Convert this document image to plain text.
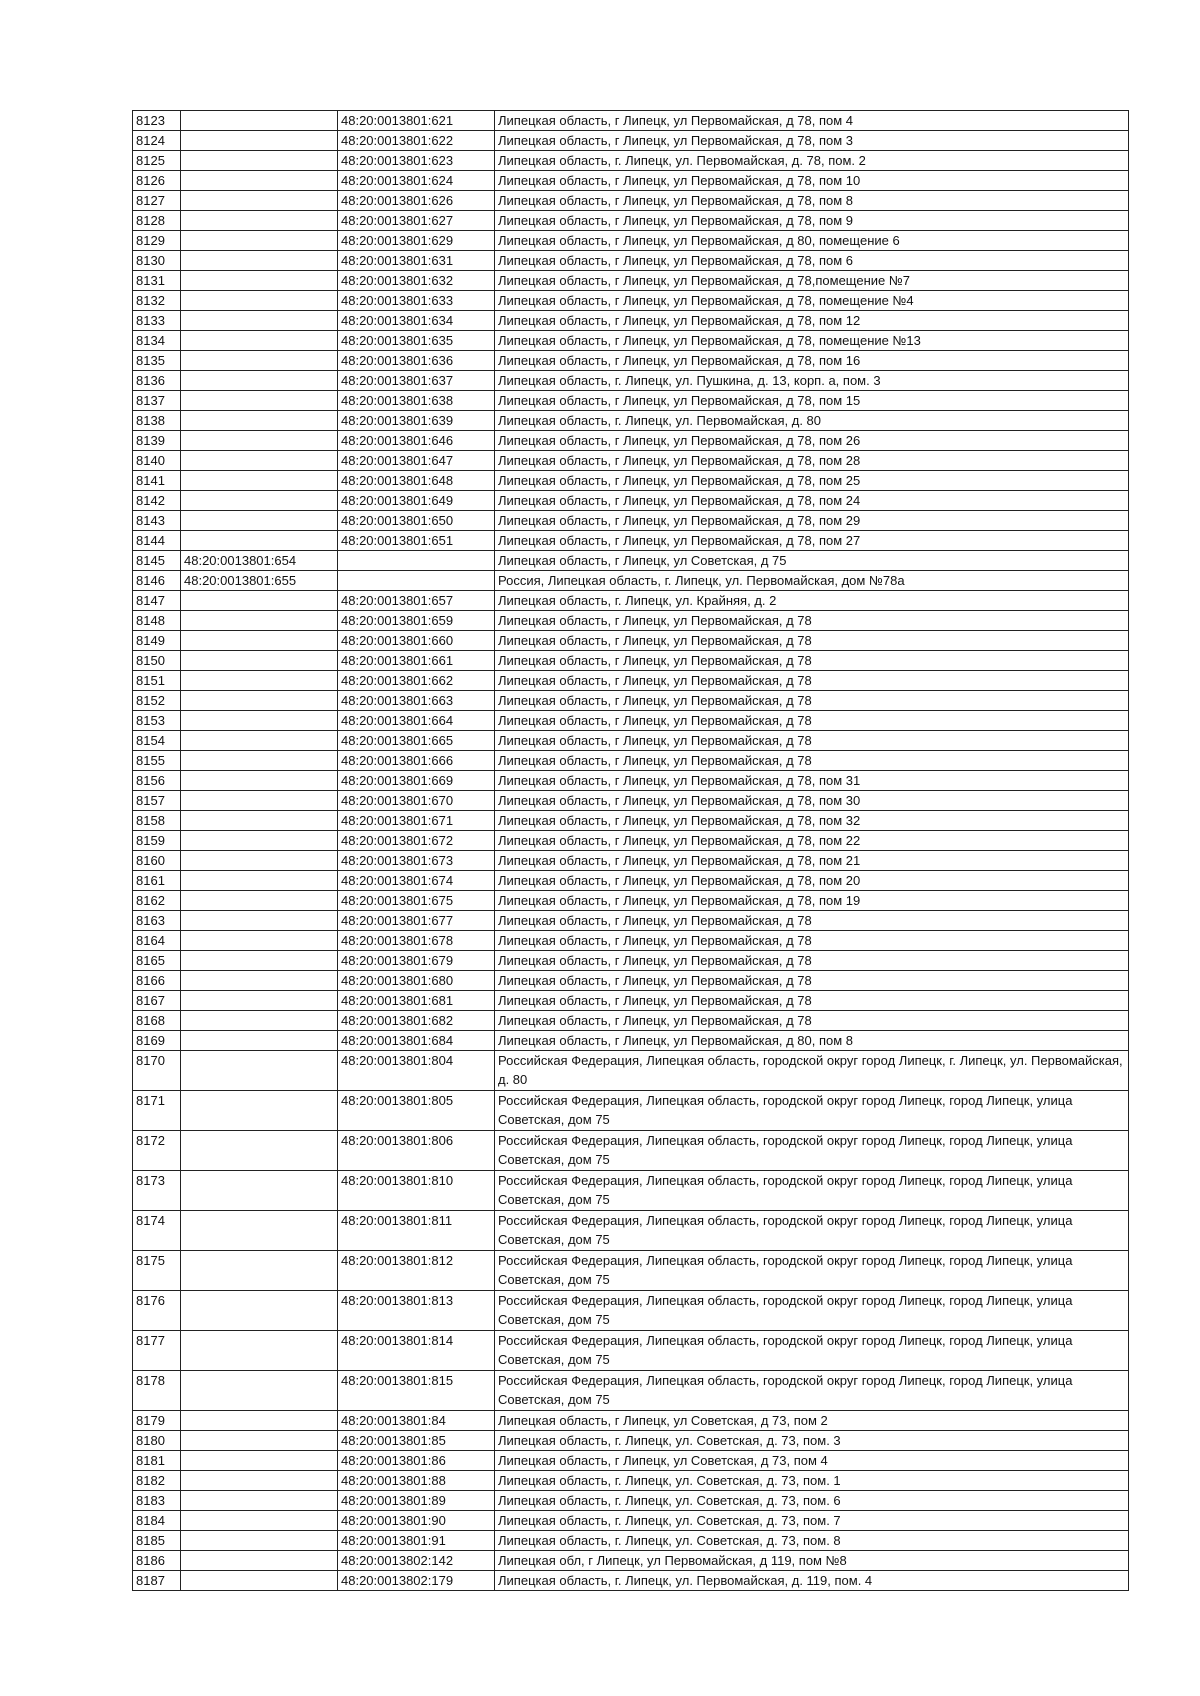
8123		48:20:0013801:621	Липецкая область, г Липецк, ул Первомайская, д 78, пом 4
8124		48:20:0013801:622	Липецкая область, г Липецк, ул Первомайская, д 78, пом 3
8125		48:20:0013801:623	Липецкая область, г. Липецк, ул. Первомайская, д. 78, пом. 2
8126		48:20:0013801:624	Липецкая область, г Липецк, ул Первомайская, д 78, пом 10
8127		48:20:0013801:626	Липецкая область, г Липецк, ул Первомайская, д 78, пом 8
8128		48:20:0013801:627	Липецкая область, г Липецк, ул Первомайская, д 78, пом 9
8129		48:20:0013801:629	Липецкая область, г Липецк, ул Первомайская, д 80, помещение 6
8130		48:20:0013801:631	Липецкая область, г Липецк, ул Первомайская, д 78, пом 6
8131		48:20:0013801:632	Липецкая область, г Липецк, ул Первомайская, д 78,помещение №7
8132		48:20:0013801:633	Липецкая область, г Липецк, ул Первомайская, д 78, помещение №4
8133		48:20:0013801:634	Липецкая область, г Липецк, ул Первомайская, д 78, пом 12
8134		48:20:0013801:635	Липецкая область, г Липецк, ул Первомайская, д 78, помещение №13
8135		48:20:0013801:636	Липецкая область, г Липецк, ул Первомайская, д 78, пом 16
8136		48:20:0013801:637	Липецкая область, г. Липецк, ул. Пушкина, д. 13, корп. а, пом. 3
8137		48:20:0013801:638	Липецкая область, г Липецк, ул Первомайская, д 78, пом 15
8138		48:20:0013801:639	Липецкая область, г. Липецк, ул. Первомайская, д. 80
8139		48:20:0013801:646	Липецкая область, г Липецк, ул Первомайская, д 78, пом 26
8140		48:20:0013801:647	Липецкая область, г Липецк, ул Первомайская, д 78, пом 28
8141		48:20:0013801:648	Липецкая область, г Липецк, ул Первомайская, д 78, пом 25
8142		48:20:0013801:649	Липецкая область, г Липецк, ул Первомайская, д 78, пом 24
8143		48:20:0013801:650	Липецкая область, г Липецк, ул Первомайская, д 78, пом 29
8144		48:20:0013801:651	Липецкая область, г Липецк, ул Первомайская, д 78, пом 27
8145	48:20:0013801:654		Липецкая область, г Липецк, ул Советская, д 75
8146	48:20:0013801:655		Россия, Липецкая область, г. Липецк, ул. Первомайская, дом №78а
8147		48:20:0013801:657	Липецкая область, г. Липецк, ул. Крайняя, д. 2
8148		48:20:0013801:659	Липецкая область, г Липецк, ул Первомайская, д 78
8149		48:20:0013801:660	Липецкая область, г Липецк, ул Первомайская, д 78
8150		48:20:0013801:661	Липецкая область, г Липецк, ул Первомайская, д 78
8151		48:20:0013801:662	Липецкая область, г Липецк, ул Первомайская, д 78
8152		48:20:0013801:663	Липецкая область, г Липецк, ул Первомайская, д 78
8153		48:20:0013801:664	Липецкая область, г Липецк, ул Первомайская, д 78
8154		48:20:0013801:665	Липецкая область, г Липецк, ул Первомайская, д 78
8155		48:20:0013801:666	Липецкая область, г Липецк, ул Первомайская, д 78
8156		48:20:0013801:669	Липецкая область, г Липецк, ул Первомайская, д 78, пом 31
8157		48:20:0013801:670	Липецкая область, г Липецк, ул Первомайская, д 78, пом 30
8158		48:20:0013801:671	Липецкая область, г Липецк, ул Первомайская, д 78, пом 32
8159		48:20:0013801:672	Липецкая область, г Липецк, ул Первомайская, д 78, пом 22
8160		48:20:0013801:673	Липецкая область, г Липецк, ул Первомайская, д 78, пом 21
8161		48:20:0013801:674	Липецкая область, г Липецк, ул Первомайская, д 78, пом 20
8162		48:20:0013801:675	Липецкая область, г Липецк, ул Первомайская, д 78, пом 19
8163		48:20:0013801:677	Липецкая область, г Липецк, ул Первомайская, д 78
8164		48:20:0013801:678	Липецкая область, г Липецк, ул Первомайская, д 78
8165		48:20:0013801:679	Липецкая область, г Липецк, ул Первомайская, д 78
8166		48:20:0013801:680	Липецкая область, г Липецк, ул Первомайская, д 78
8167		48:20:0013801:681	Липецкая область, г Липецк, ул Первомайская, д 78
8168		48:20:0013801:682	Липецкая область, г Липецк, ул Первомайская, д 78
8169		48:20:0013801:684	Липецкая область, г Липецк, ул Первомайская, д 80, пом 8
8170		48:20:0013801:804	Российская Федерация, Липецкая область, городской округ город Липецк, г. Липецк, ул. Первомайская, д. 80
8171		48:20:0013801:805	Российская Федерация, Липецкая область, городской округ город Липецк, город Липецк, улица Советская, дом 75
8172		48:20:0013801:806	Российская Федерация, Липецкая область, городской округ город Липецк, город Липецк, улица Советская, дом 75
8173		48:20:0013801:810	Российская Федерация, Липецкая область, городской округ город Липецк, город Липецк, улица Советская, дом 75
8174		48:20:0013801:811	Российская Федерация, Липецкая область, городской округ город Липецк, город Липецк, улица Советская, дом 75
8175		48:20:0013801:812	Российская Федерация, Липецкая область, городской округ город Липецк, город Липецк, улица Советская, дом 75
8176		48:20:0013801:813	Российская Федерация, Липецкая область, городской округ город Липецк, город Липецк, улица Советская, дом 75
8177		48:20:0013801:814	Российская Федерация, Липецкая область, городской округ город Липецк, город Липецк, улица Советская, дом 75
8178		48:20:0013801:815	Российская Федерация, Липецкая область, городской округ город Липецк, город Липецк, улица Советская, дом 75
8179		48:20:0013801:84	Липецкая область, г Липецк, ул Советская, д 73, пом 2
8180		48:20:0013801:85	Липецкая область, г. Липецк, ул. Советская, д. 73, пом. 3
8181		48:20:0013801:86	Липецкая область, г Липецк, ул Советская, д 73, пом 4
8182		48:20:0013801:88	Липецкая область, г. Липецк, ул. Советская, д. 73, пом. 1
8183		48:20:0013801:89	Липецкая область, г. Липецк, ул. Советская, д. 73, пом. 6
8184		48:20:0013801:90	Липецкая область, г. Липецк, ул. Советская, д. 73, пом. 7
8185		48:20:0013801:91	Липецкая область, г. Липецк, ул. Советская, д. 73, пом. 8
8186		48:20:0013802:142	Липецкая обл, г Липецк, ул Первомайская, д 119, пом №8
8187		48:20:0013802:179	Липецкая область, г. Липецк, ул. Первомайская, д. 119, пом. 4
